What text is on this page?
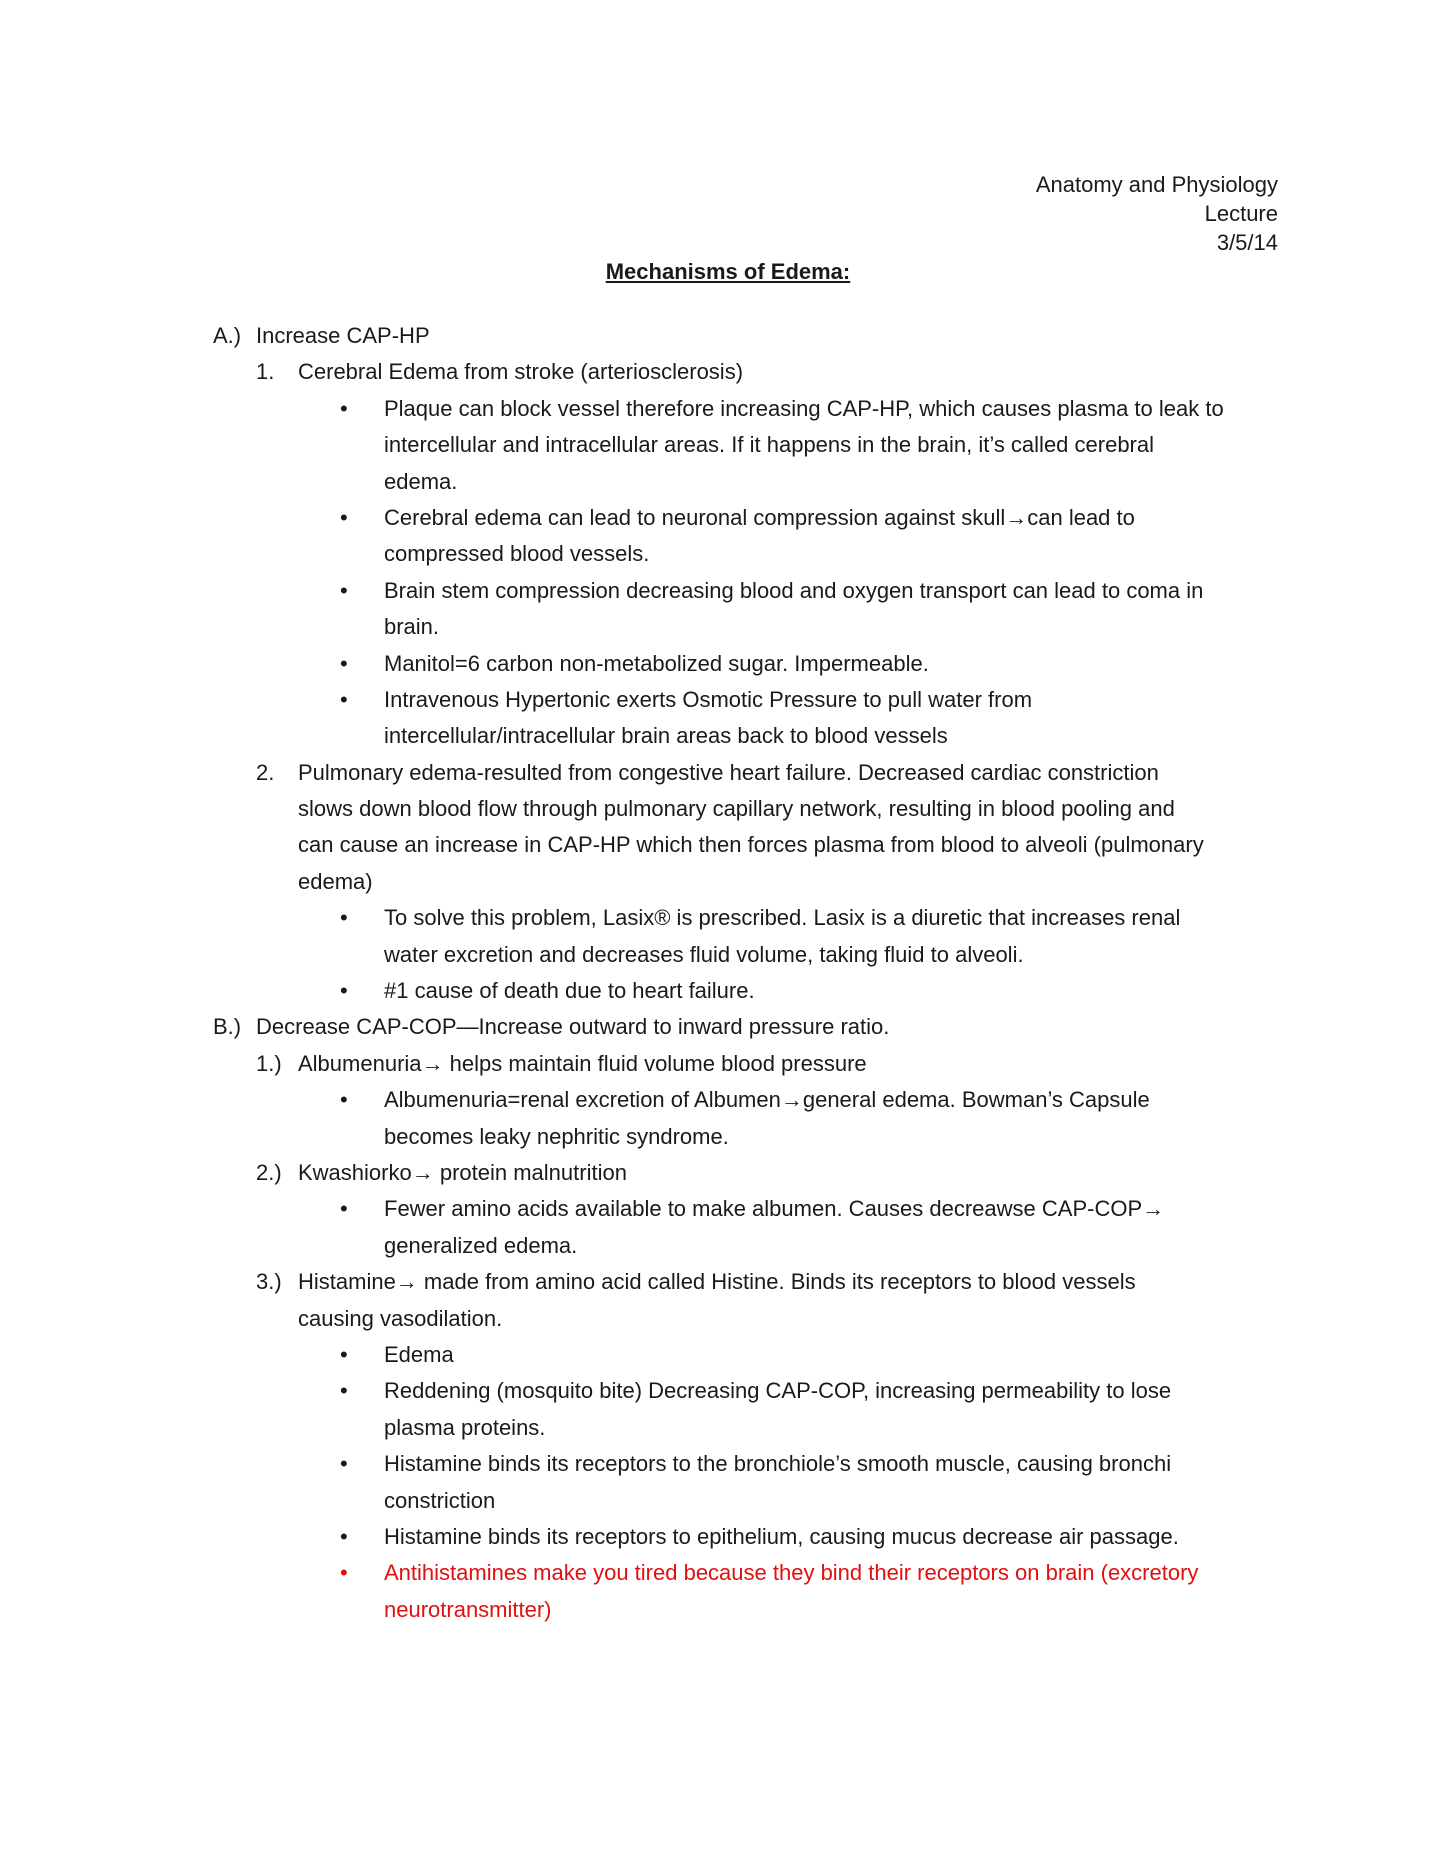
Anatomy and Physiology
Lecture
3/5/14
Mechanisms of Edema:
A.) Increase CAP-HP
1. Cerebral Edema from stroke (arteriosclerosis)
• Plaque can block vessel therefore increasing CAP-HP, which causes plasma to leak to
intercellular and intracellular areas. If it happens in the brain, it’s called cerebral
edema.
• Cerebral edema can lead to neuronal compression against skull→can lead to
compressed blood vessels.
• Brain stem compression decreasing blood and oxygen transport can lead to coma in
brain.
• Manitol=6 carbon non-metabolized sugar. Impermeable.
• Intravenous Hypertonic exerts Osmotic Pressure to pull water from
intercellular/intracellular brain areas back to blood vessels
2. Pulmonary edema-resulted from congestive heart failure. Decreased cardiac constriction
slows down blood flow through pulmonary capillary network, resulting in blood pooling and
can cause an increase in CAP-HP which then forces plasma from blood to alveoli (pulmonary
edema)
• To solve this problem, Lasix® is prescribed. Lasix is a diuretic that increases renal
water excretion and decreases fluid volume, taking fluid to alveoli.
• #1 cause of death due to heart failure.
B.) Decrease CAP-COP—Increase outward to inward pressure ratio.
1.) Albumenuria→ helps maintain fluid volume blood pressure
• Albumenuria=renal excretion of Albumen→general edema. Bowman’s Capsule
becomes leaky nephritic syndrome.
2.) Kwashiorko→ protein malnutrition
• Fewer amino acids available to make albumen. Causes decreawse CAP-COP→
generalized edema.
3.) Histamine→ made from amino acid called Histine. Binds its receptors to blood vessels
causing vasodilation.
• Edema
• Reddening (mosquito bite) Decreasing CAP-COP, increasing permeability to lose
plasma proteins.
• Histamine binds its receptors to the bronchiole’s smooth muscle, causing bronchi
constriction
• Histamine binds its receptors to epithelium, causing mucus decrease air passage.
• Antihistamines make you tired because they bind their receptors on brain (excretory
neurotransmitter)
